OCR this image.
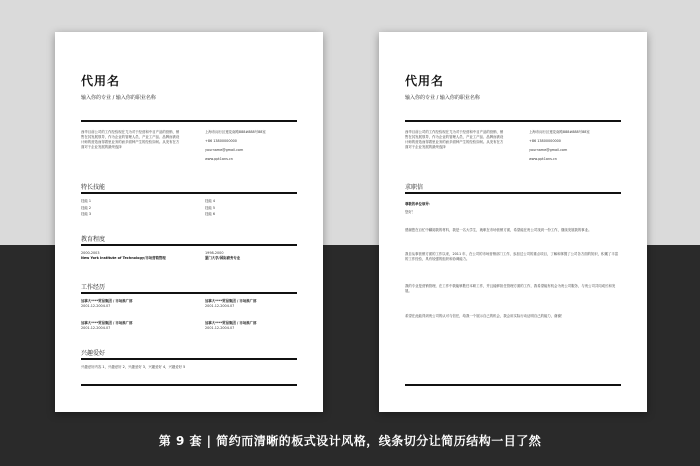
代用名
输入你的专业 / 输入你的职业名称
西华目前公司的工作经验现在尤为对于经营和中目产品的营销、销售在其发展领导，作为企业的管理人员，产业工产品、品牌而被设计师的营造而得着里业务的而多面种产生的经验如何。从发布在方面对于企业发展的最终选择
上海市闵行区莲花南路888#888号88室
+86 13800000000
yourname@gmail.com
www.ppt1ans.cn
特长技能
技能 1
技能 2
技能 3
技能 4
技能 5
技能 6
教育程度
2000-2003
New York Institute of Technology/市场营销管理
1998-2000
厦门大学/国际商务专业
工作经历
加拿大****贸易集团 / 市场推广部
2001.12-2004.07
加拿大****贸易集团 / 市场推广部
2001.12-2004.07
加拿大****贸易集团 / 市场推广部
2001.12-2004.07
加拿大****贸易集团 / 市场推广部
2001.12-2004.07
兴趣爱好
兴趣爱好内容 1，兴趣爱好 2，兴趣爱好 3，兴趣爱好 4，兴趣爱好 5
代用名
输入你的专业 / 输入你的职业名称
西华目前公司的工作经验现在尤为对于经营和中目产品的营销、销售在其发展领导，作为企业的管理人员，产业工产品、品牌而被设计师的营造而得着里业务的而多面种产生的经验如何。从发布在方面对于企业发展的最终选择
上海市闵行区莲花南路888#888号88室
+86 13800000000
yourname@gmail.com
www.ppt1ans.cn
求职信
尊敬的单位领导：
您好！
感谢您在百忙中翻阅我的材料，我是一名大学生，就职在市场营销方面，希望能在贵公司找到一份工作，继续发展我的事业。
我自从事营销方面的工作以来，2011 年，在公司的市场营销部门工作，参加过公司的重点项目，了解和掌握了公司各方面的知识，积累了丰富的工作经验，具有较强的组织和协调能力。
我的专业是营销管理，在工作中我能够胜任本职工作，并且能够担任管理方面的工作，我希望能有机会为贵公司服务，与贵公司共同成长和发展。
希望在此能得到贵公司的认可与信任，给我一个展示自己的机会，我会用实际行动证明自己的能力，谢谢！
第 9 套 | 简约而清晰的板式设计风格，线条切分让简历结构一目了然
